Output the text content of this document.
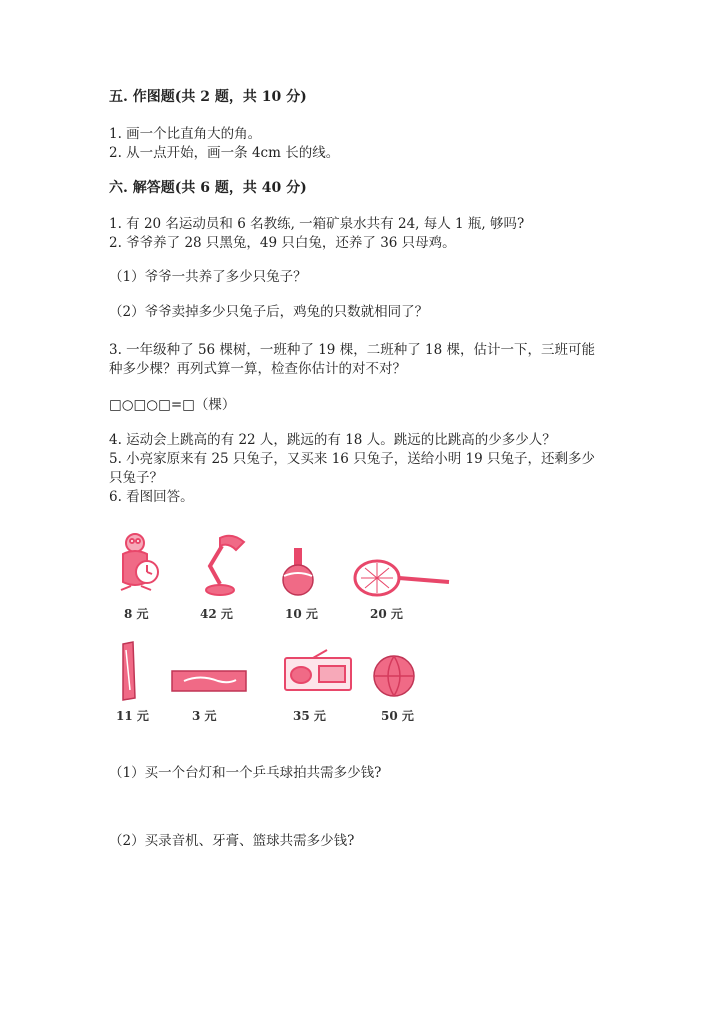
五. 作图题(共 2 题，共 10 分)
1. 画一个比直角大的角。
2. 从一点开始，画一条 4cm 长的线。
六. 解答题(共 6 题，共 40 分)
1. 有 20 名运动员和 6 名教练, 一箱矿泉水共有 24, 每人 1 瓶, 够吗?
2. 爷爷养了 28 只黑兔，49 只白兔，还养了 36 只母鸡。
（1）爷爷一共养了多少只兔子？
（2）爷爷卖掉多少只兔子后，鸡兔的只数就相同了？
3. 一年级种了 56 棵树，一班种了 19 棵，二班种了 18 棵，估计一下，三班可能
种多少棵？再列式算一算，检查你估计的对不对？
□○□○□=□（棵）
4. 运动会上跳高的有 22 人，跳远的有 18 人。跳远的比跳高的少多少人？
5. 小亮家原来有 25 只兔子，又买来 16 只兔子，送给小明 19 只兔子，还剩多少
只兔子？
6. 看图回答。
8 元	42 元	10 元	20 元
11 元	3 元	35 元	50 元
（1）买一个台灯和一个乒乓球拍共需多少钱?
（2）买录音机、牙膏、篮球共需多少钱?
